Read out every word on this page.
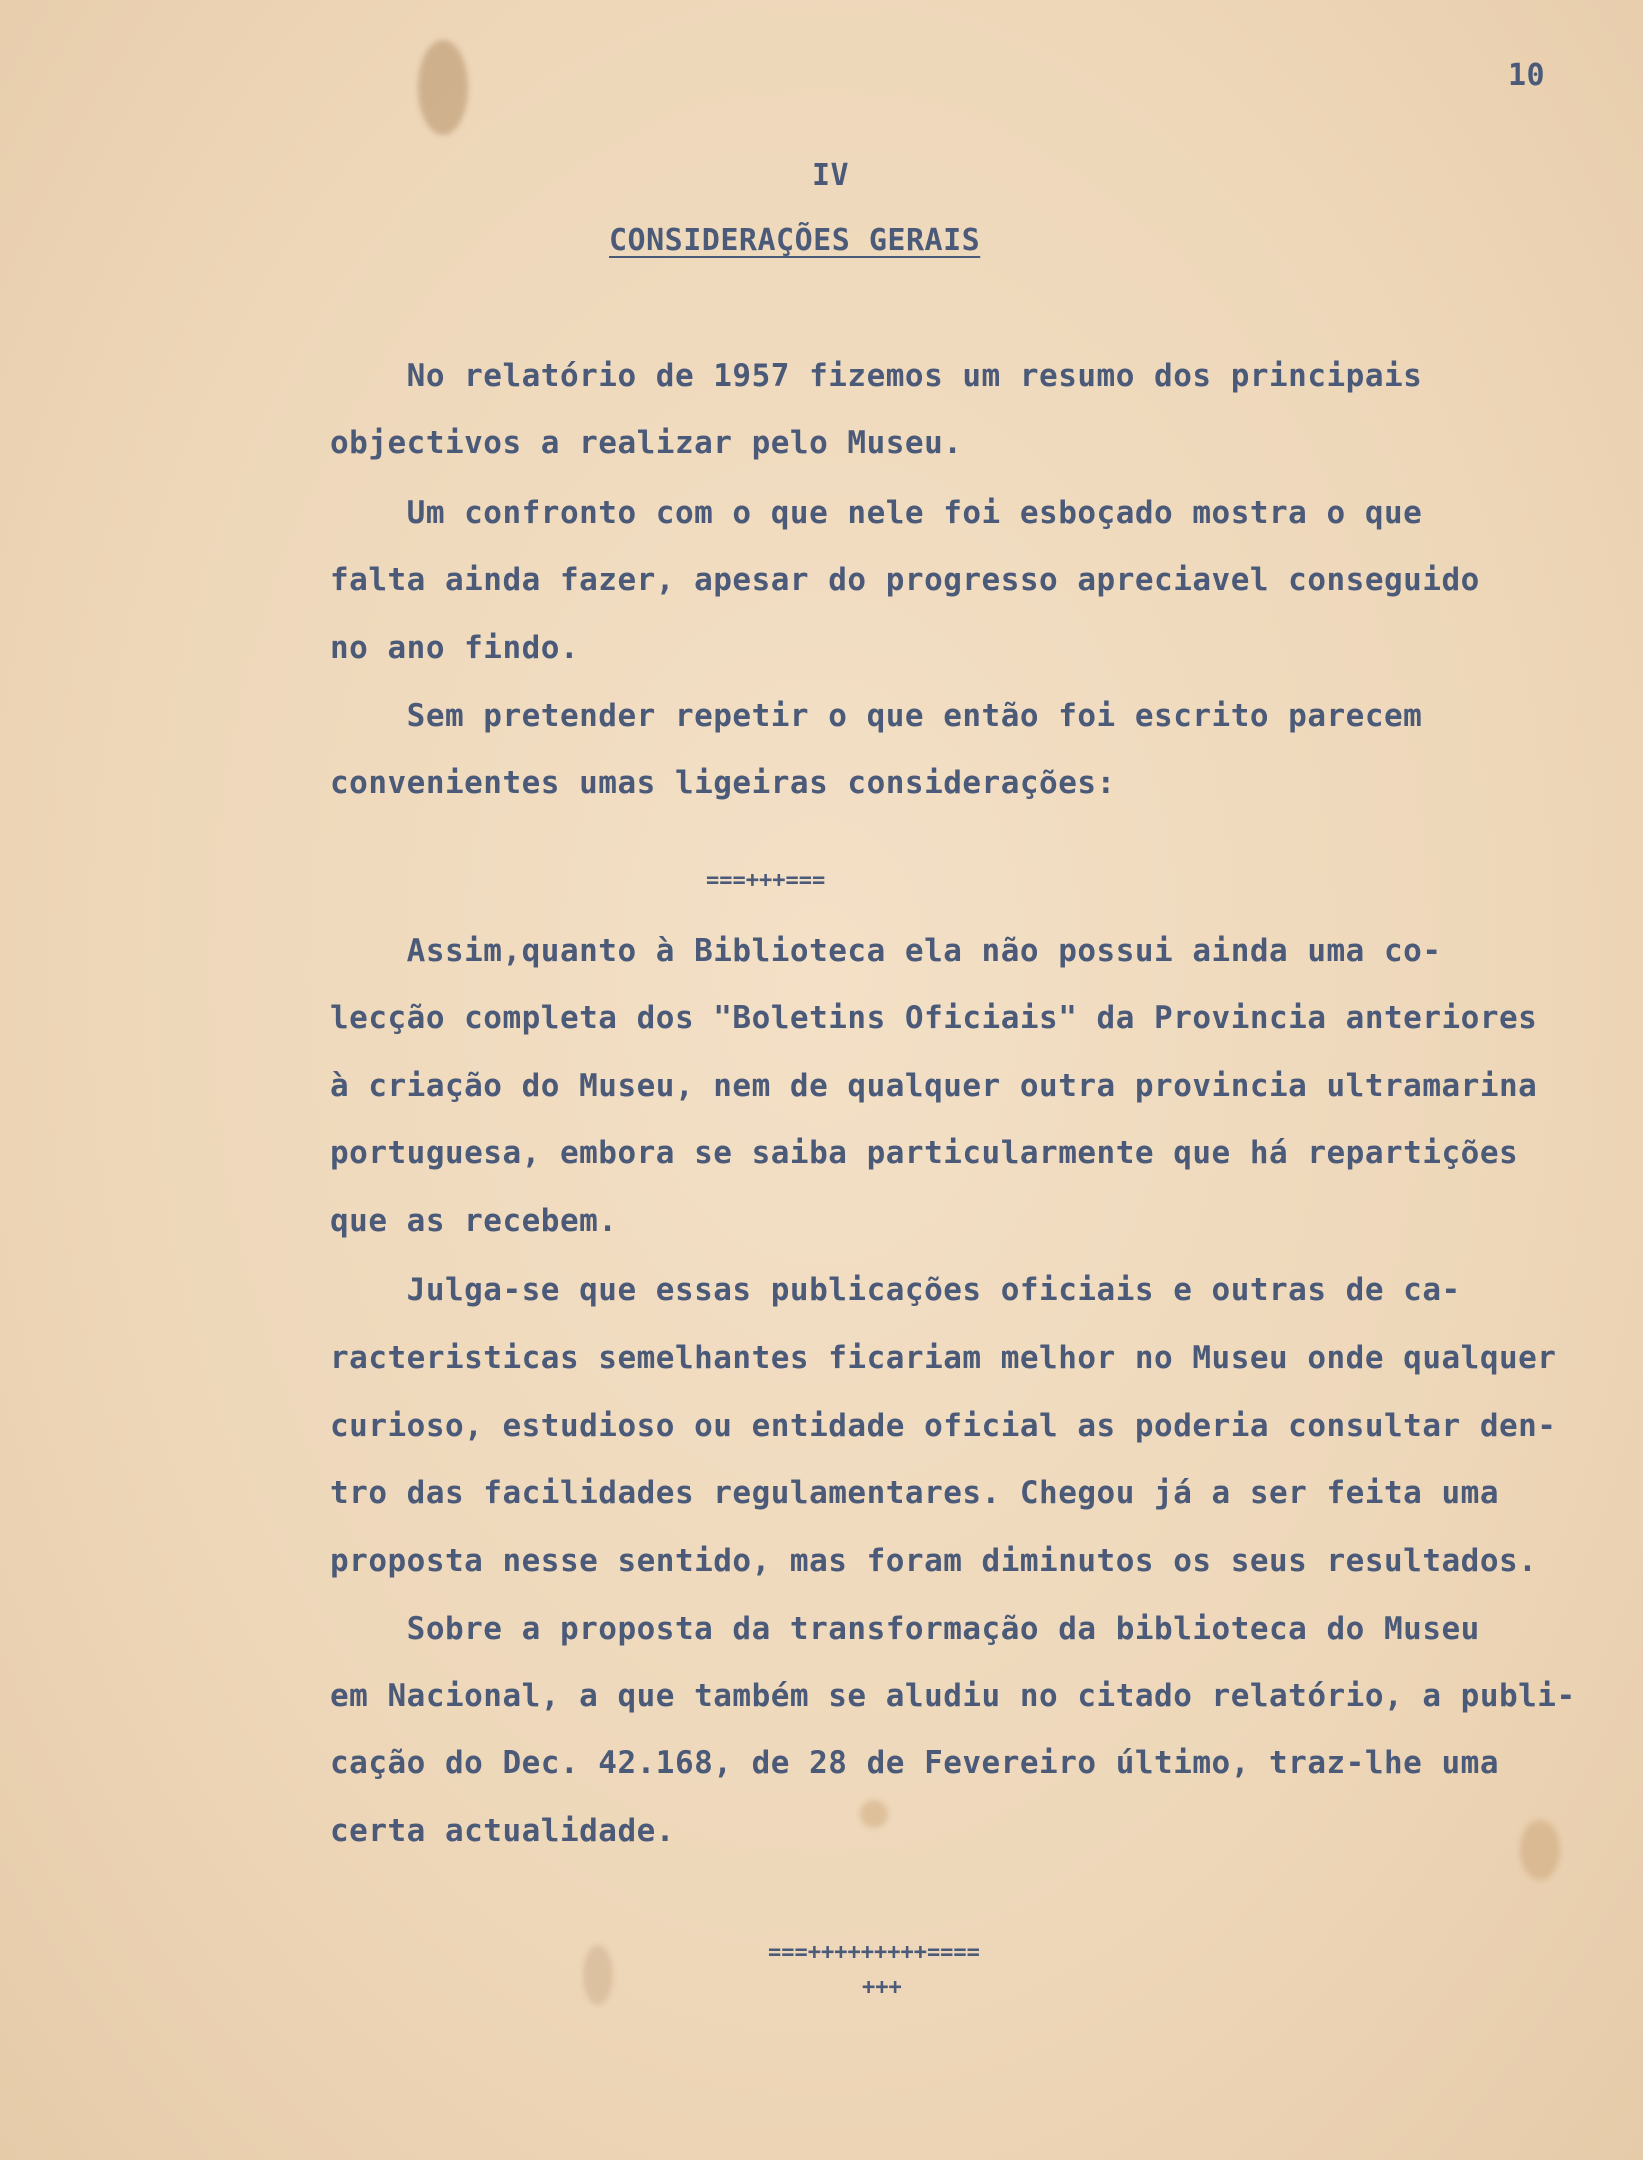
10
IV
CONSIDERAÇÕES GERAIS
No relatório de 1957 fizemos um resumo dos principais
objectivos a realizar pelo Museu.
Um confronto com o que nele foi esboçado mostra o que
falta ainda fazer, apesar do progresso apreciavel conseguido
no ano findo.
Sem pretender repetir o que então foi escrito parecem
convenientes umas ligeiras considerações:
===+++===
Assim,quanto à Biblioteca ela não possui ainda uma co-
lecção completa dos "Boletins Oficiais" da Provincia anteriores
à criação do Museu, nem de qualquer outra provincia ultramarina
portuguesa, embora se saiba particularmente que há repartições
que as recebem.
Julga-se que essas publicações oficiais e outras de ca-
racteristicas semelhantes ficariam melhor no Museu onde qualquer
curioso, estudioso ou entidade oficial as poderia consultar den-
tro das facilidades regulamentares. Chegou já a ser feita uma
proposta nesse sentido, mas foram diminutos os seus resultados.
Sobre a proposta da transformação da biblioteca do Museu
em Nacional, a que também se aludiu no citado relatório, a publi-
cação do Dec. 42.168, de 28 de Fevereiro último, traz-lhe uma
certa actualidade.
===+++++++++====
+++
